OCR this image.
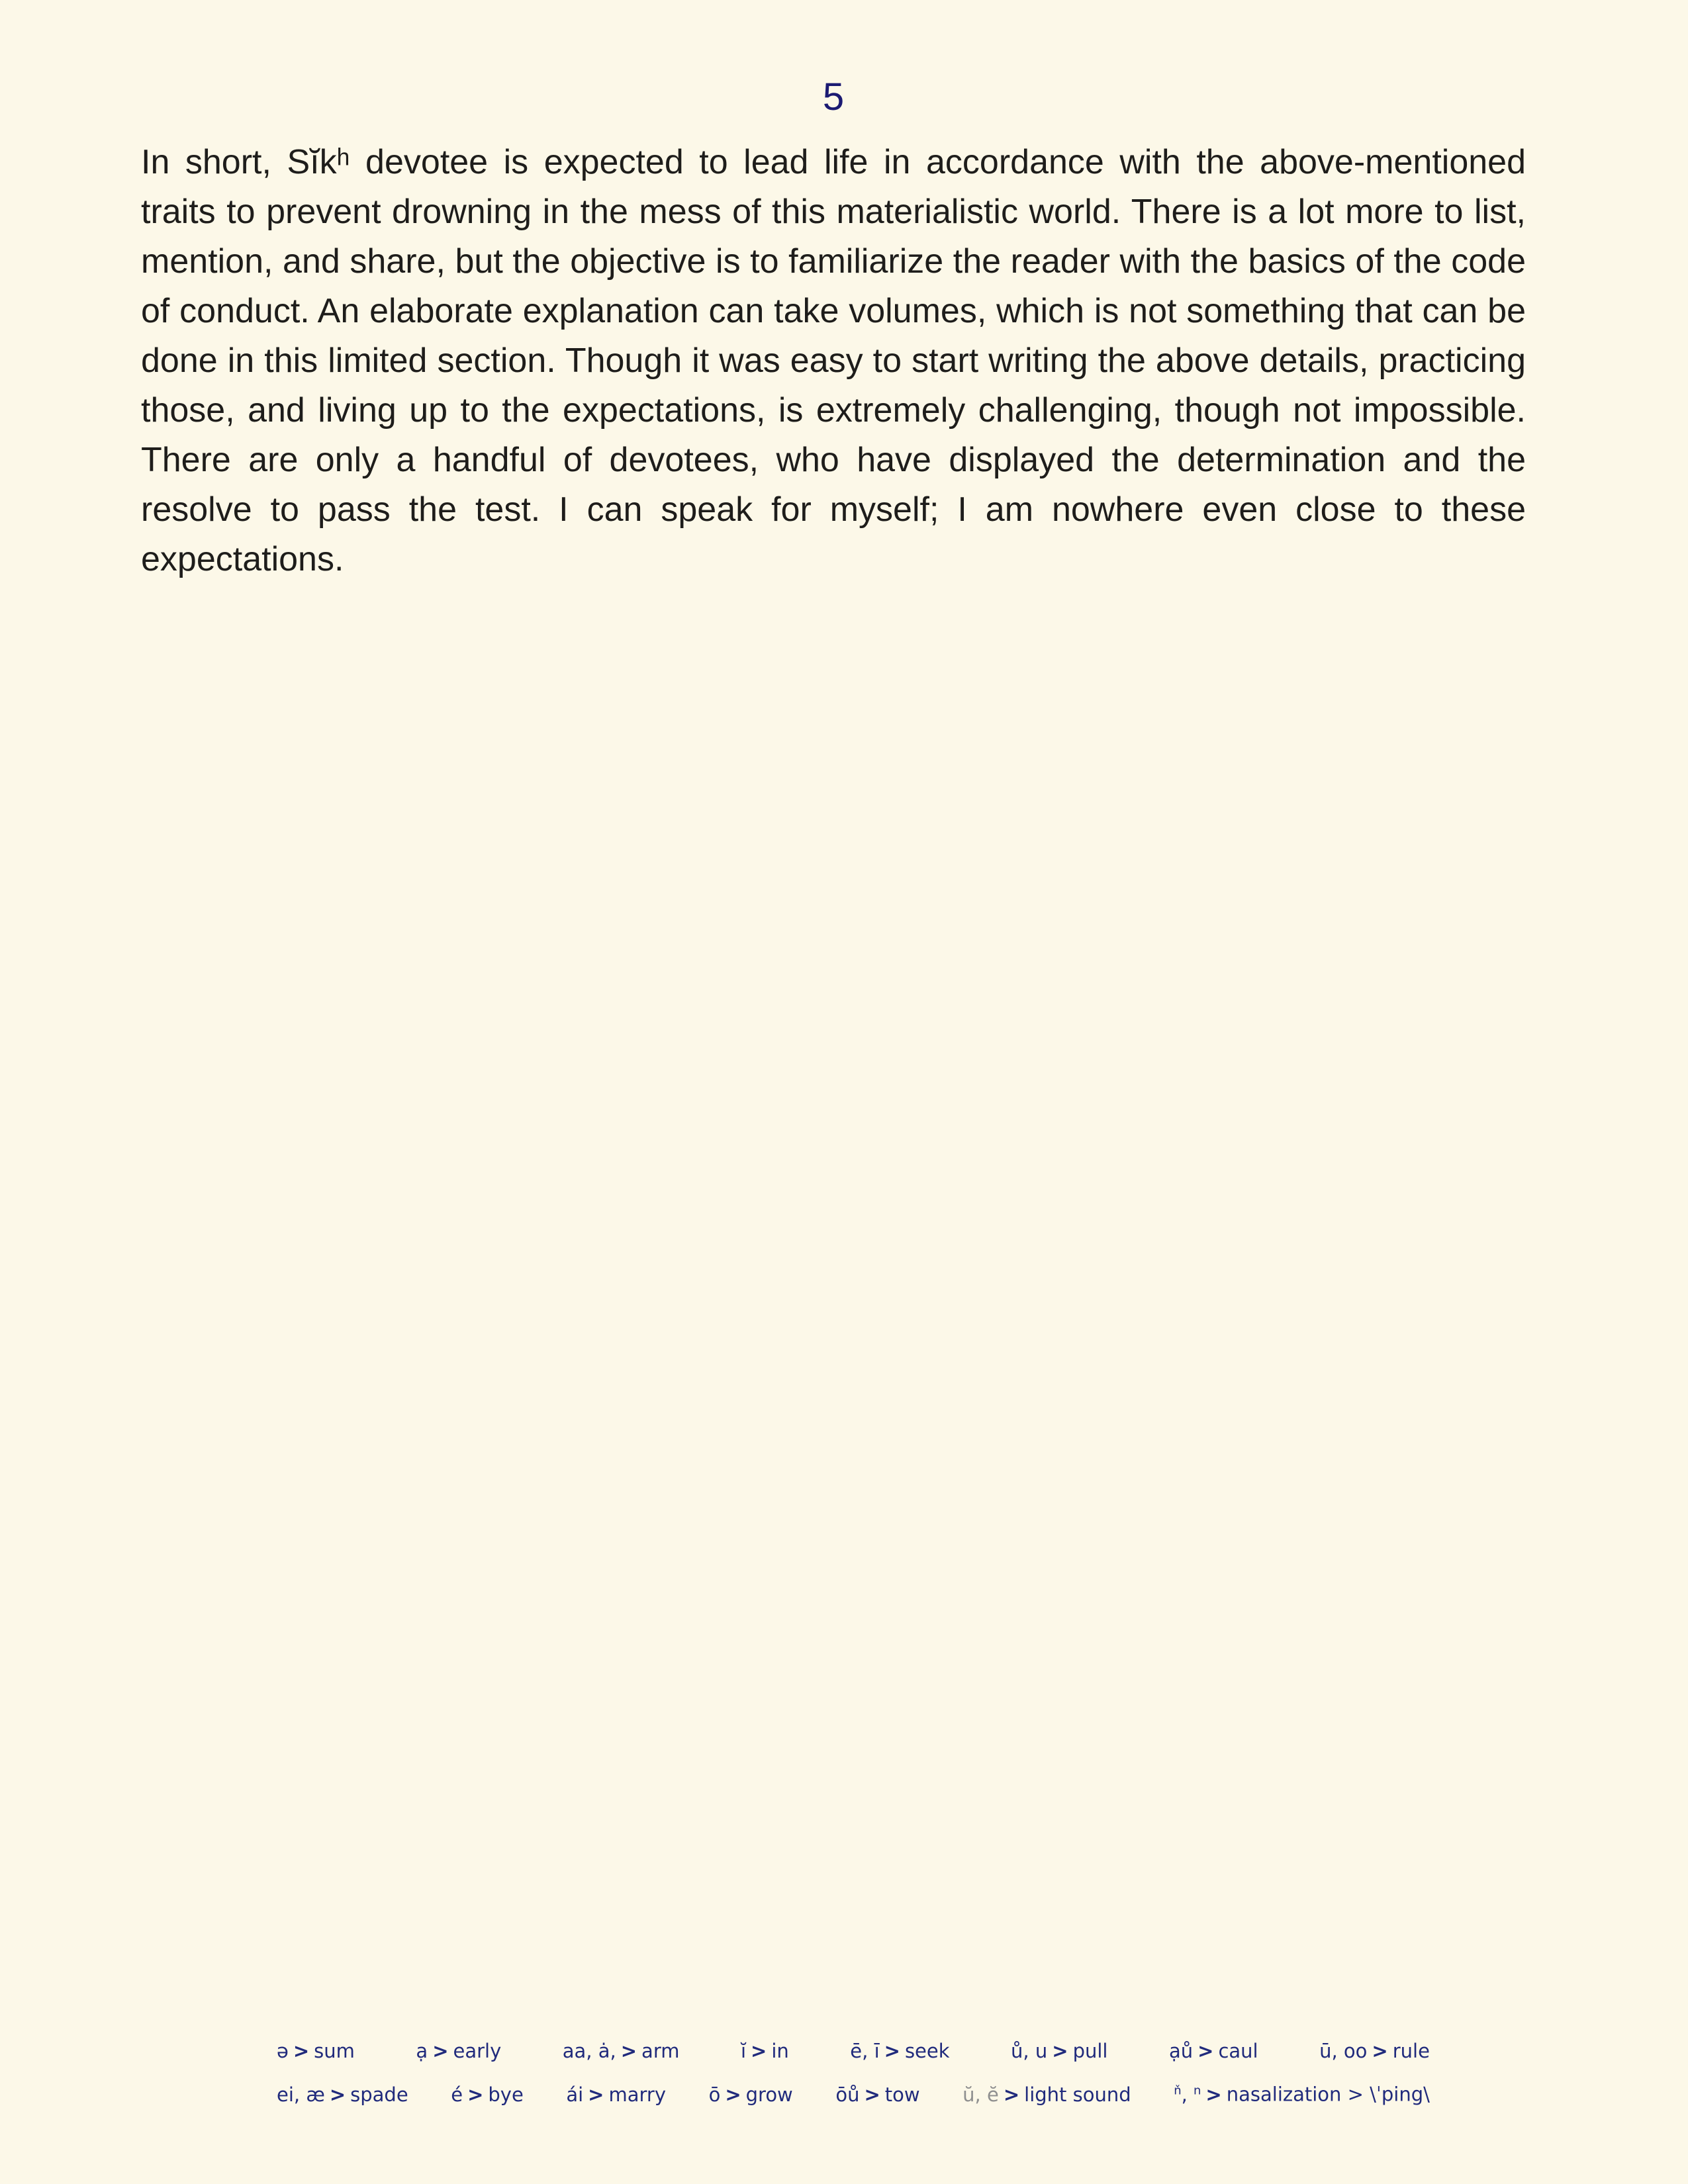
5
In short, Sĭkʰ devotee is expected to lead life in accordance with the above-mentioned traits to prevent drowning in the mess of this materialistic world. There is a lot more to list, mention, and share, but the objective is to familiarize the reader with the basics of the code of conduct. An elaborate explanation can take volumes, which is not something that can be done in this limited section. Though it was easy to start writing the above details, practicing those, and living up to the expectations, is extremely challenging, though not impossible. There are only a handful of devotees, who have displayed the determination and the resolve to pass the test. I can speak for myself; I am nowhere even close to these expectations.
ə > sum	ạ > early	aa, ȧ, > arm	ĭ > in	ē, ī > seek	ů, u > pull	ạů > caul	ū, oo > rule
ei, æ > spade é > bye ái > marry ō > grow ōů > tow ŭ, ĕ > light sound	$^ň$, $^n$ > nasalization > \ˈping\
